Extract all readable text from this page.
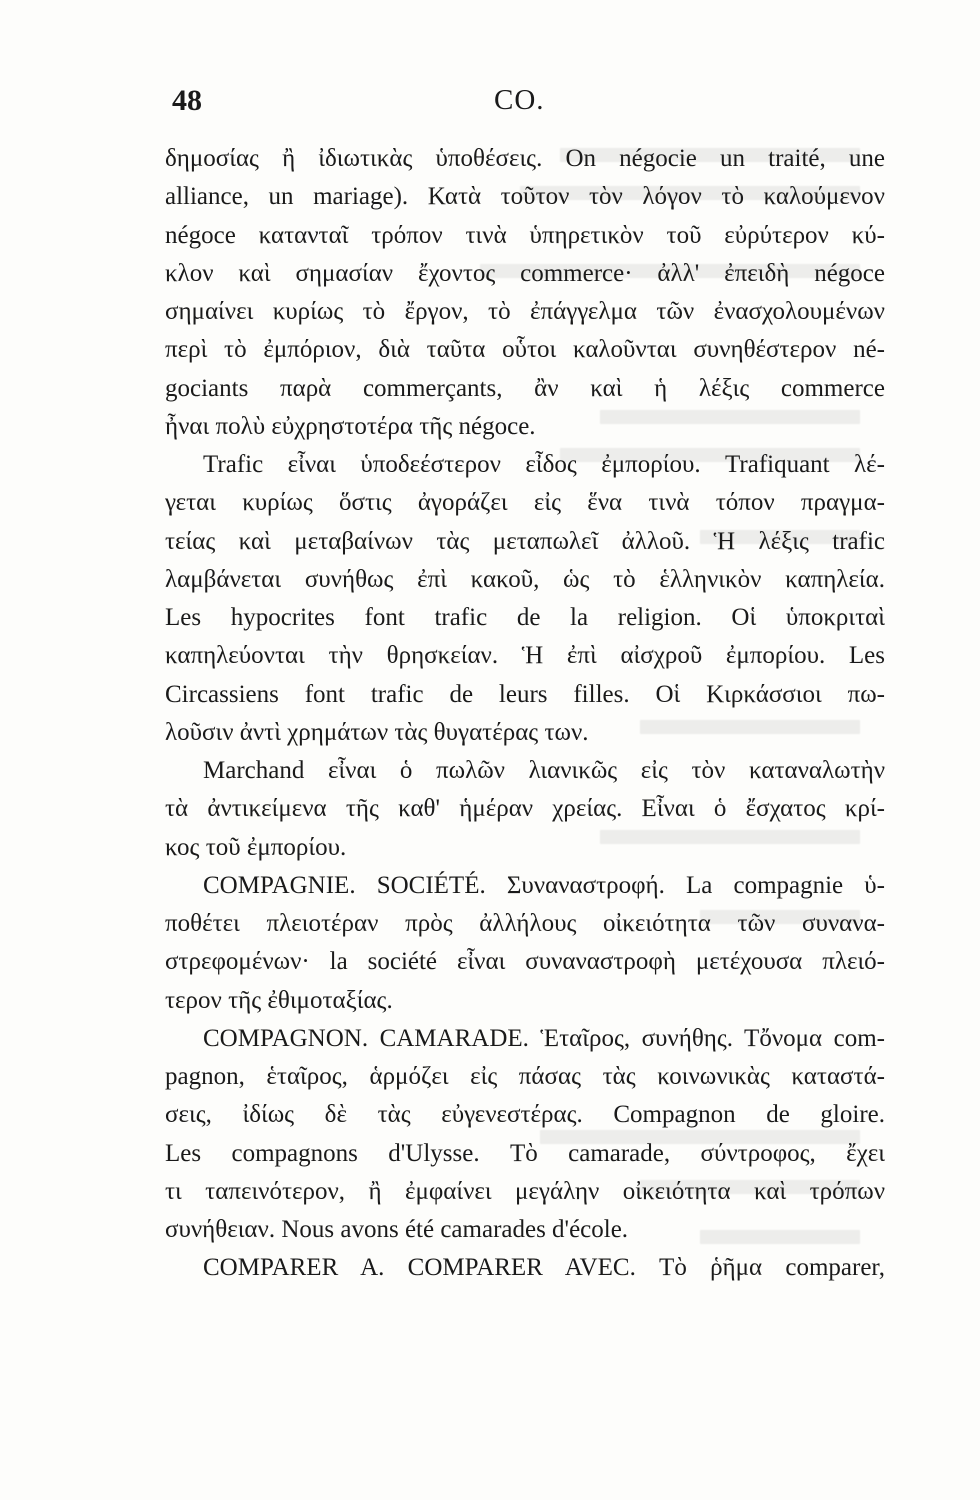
48	CO.
δημοσίας ἢ ἰδιωτικὰς ὑποθέσεις. On négocie un traité, une
alliance, un mariage). Κατὰ τοῦτον τὸν λόγον τὸ καλούμενον
négoce κατανταῖ τρόπον τινὰ ὑπηρετικὸν τοῦ εὐρύτερον κύ-
κλον καὶ σημασίαν ἔχοντος commerce· ἀλλ' ἐπειδὴ négoce
σημαίνει κυρίως τὸ ἔργον, τὸ ἐπάγγελμα τῶν ἐνασχολουμένων
περὶ τὸ ἐμπόριον, διὰ ταῦτα οὗτοι καλοῦνται συνηθέστερον né-
gociants παρὰ commerçants, ἂν καὶ ἡ λέξις commerce
ἦναι πολὺ εὐχρηστοτέρα τῆς négoce.
Trafic εἶναι ὑποδεέστερον εἶδος ἐμπορίου. Trafiquant λέ-
γεται κυρίως ὅστις ἀγοράζει εἰς ἕνα τινὰ τόπον πραγμα-
τείας καὶ μεταβαίνων τὰς μεταπωλεῖ ἀλλοῦ. Ἡ λέξις trafic
λαμβάνεται συνήθως ἐπὶ κακοῦ, ὡς τὸ ἑλληνικὸν καπηλεία.
Les hypocrites font trafic de la religion. Οἱ ὑποκριταὶ
καπηλεύονται τὴν θρησκείαν. Ἡ ἐπὶ αἰσχροῦ ἐμπορίου. Les
Circassiens font trafic de leurs filles. Οἱ Κιρκάσσιοι πω-
λοῦσιν ἀντὶ χρημάτων τὰς θυγατέρας των.
Marchand εἶναι ὁ πωλῶν λιανικῶς εἰς τὸν καταναλωτὴν
τὰ ἀντικείμενα τῆς καθ' ἡμέραν χρείας. Εἶναι ὁ ἔσχατος κρί-
κος τοῦ ἐμπορίου.
COMPAGNIE. SOCIÉTÉ. Συναναστροφή. La compagnie ὑ-
ποθέτει πλειοτέραν πρὸς ἀλλήλους οἰκειότητα τῶν συνανα-
στρεφομένων· la société εἶναι συναναστροφὴ μετέχουσα πλειό-
τερον τῆς ἐθιμοταξίας.
COMPAGNON. CAMARADE. Ἑταῖρος, συνήθης. Τὄνομα com-
pagnon, ἑταῖρος, ἁρμόζει εἰς πάσας τὰς κοινωνικὰς καταστά-
σεις, ἰδίως δὲ τὰς εὐγενεστέρας. Compagnon de gloire.
Les compagnons d'Ulysse. Τὸ camarade, σύντροφος, ἔχει
τι ταπεινότερον, ἢ ἐμφαίνει μεγάλην οἰκειότητα καὶ τρόπων
συνήθειαν. Nous avons été camarades d'école.
COMPARER A. COMPARER AVEC. Τὸ ῥῆμα comparer,
